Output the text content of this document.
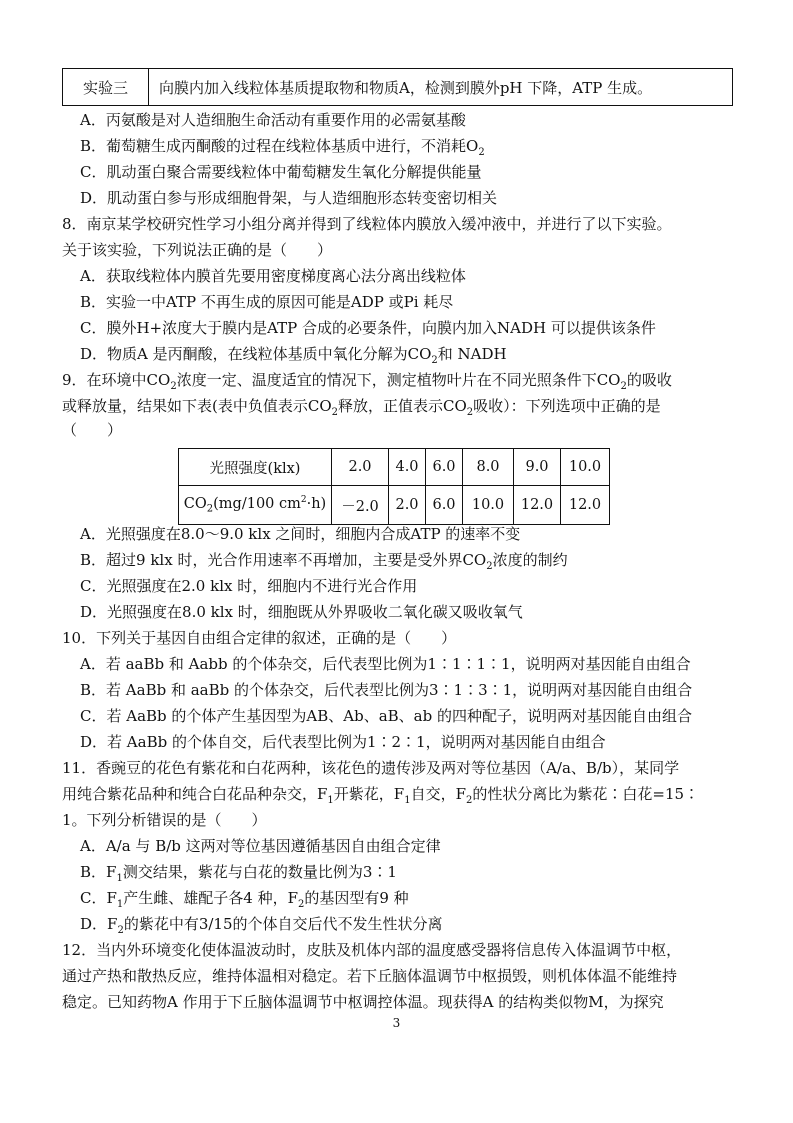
实验三	向膜内加入线粒体基质提取物和物质A，检测到膜外pH 下降，ATP 生成。
A．丙氨酸是对人造细胞生命活动有重要作用的必需氨基酸
B．葡萄糖生成丙酮酸的过程在线粒体基质中进行，不消耗$O_2$
C．肌动蛋白聚合需要线粒体中葡萄糖发生氧化分解提供能量
D．肌动蛋白参与形成细胞骨架，与人造细胞形态转变密切相关
8．南京某学校研究性学习小组分离并得到了线粒体内膜放入缓冲液中，并进行了以下实验。
关于该实验，下列说法正确的是（　　）
A．获取线粒体内膜首先要用密度梯度离心法分离出线粒体
B．实验一中ATP 不再生成的原因可能是ADP 或Pi 耗尽
C．膜外H+浓度大于膜内是ATP 合成的必要条件，向膜内加入NADH 可以提供该条件
D．物质A 是丙酮酸，在线粒体基质中氧化分解为$CO_2$和 NADH
9．在环境中$CO_2$浓度一定、温度适宜的情况下，测定植物叶片在不同光照条件下$CO_2$的吸收
或释放量，结果如下表(表中负值表示$CO_2$释放，正值表示$CO_2$吸收）：下列选项中正确的是
（　　）
光照强度(klx)	2.0	4.0	6.0	8.0	9.0	10.0
$CO_2(mg/100$ $cm^2\cdot h$)	－2.0	2.0	6.0	10.0	12.0	12.0
A．光照强度在8.0～9.0 klx 之间时，细胞内合成ATP 的速率不变
B．超过9 klx 时，光合作用速率不再增加，主要是受外界$CO_2$浓度的制约
C．光照强度在2.0 klx 时，细胞内不进行光合作用
D．光照强度在8.0 klx 时，细胞既从外界吸收二氧化碳又吸收氧气
10．下列关于基因自由组合定律的叙述，正确的是（　　）
A．若 aaBb 和 Aabb 的个体杂交，后代表型比例为1∶1∶1∶1，说明两对基因能自由组合
B．若 AaBb 和 aaBb 的个体杂交，后代表型比例为3∶1∶3∶1，说明两对基因能自由组合
C．若 AaBb 的个体产生基因型为AB、Ab、aB、ab 的四种配子，说明两对基因能自由组合
D．若 AaBb 的个体自交，后代表型比例为1∶2∶1，说明两对基因能自由组合
11．香豌豆的花色有紫花和白花两种，该花色的遗传涉及两对等位基因（A/a、B/b），某同学
用纯合紫花品种和纯合白花品种杂交，$F_1$开紫花，$F_1$自交，$F_2$的性状分离比为紫花∶白花=15∶
1。下列分析错误的是（　　）
A．A/a 与 B/b 这两对等位基因遵循基因自由组合定律
B．$F_1$测交结果，紫花与白花的数量比例为3∶1
C．$F_1$产生雌、雄配子各4 种，$F_2$的基因型有9 种
D．$F_2$的紫花中有3/15的个体自交后代不发生性状分离
12．当内外环境变化使体温波动时，皮肤及机体内部的温度感受器将信息传入体温调节中枢，
通过产热和散热反应，维持体温相对稳定。若下丘脑体温调节中枢损毁，则机体体温不能维持
稳定。已知药物A 作用于下丘脑体温调节中枢调控体温。现获得A 的结构类似物M，为探究
3
